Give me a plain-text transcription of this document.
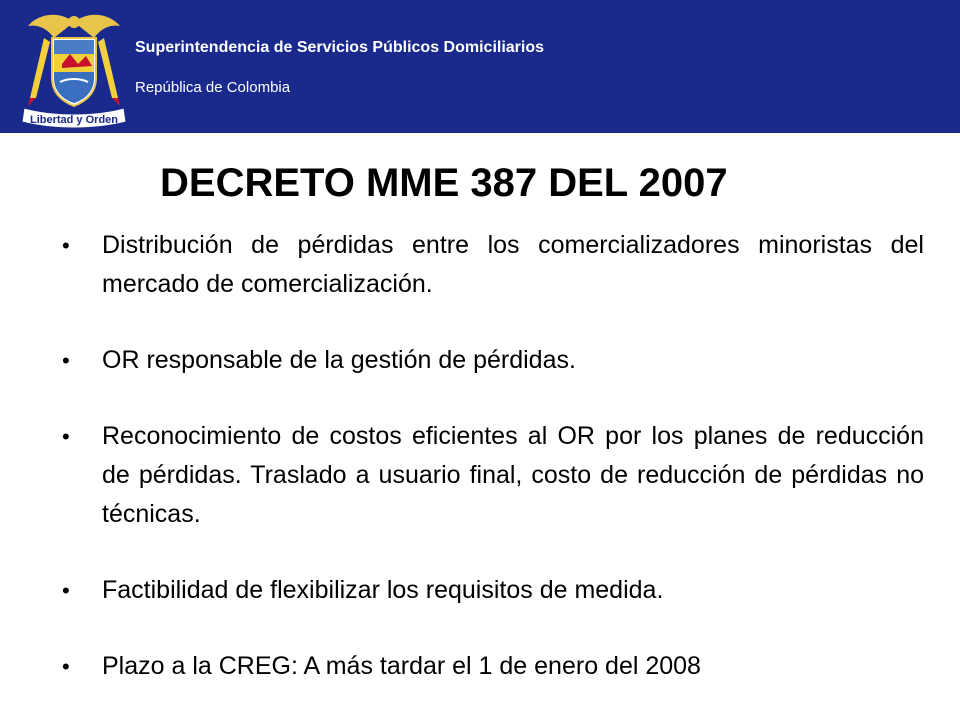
Libertad y Orden
Superintendencia de Servicios Públicos Domiciliarios
República de Colombia
DECRETO MME 387 DEL 2007
• Distribución de pérdidas entre los comercializadores minoristas del mercado de comercialización.
• OR responsable de la gestión de pérdidas.
• Reconocimiento de costos eficientes al OR por los planes de reducción de pérdidas. Traslado a usuario final, costo de reducción de pérdidas no técnicas.
• Factibilidad de flexibilizar los requisitos de medida.
• Plazo a la CREG: A más tardar el 1 de enero del 2008
